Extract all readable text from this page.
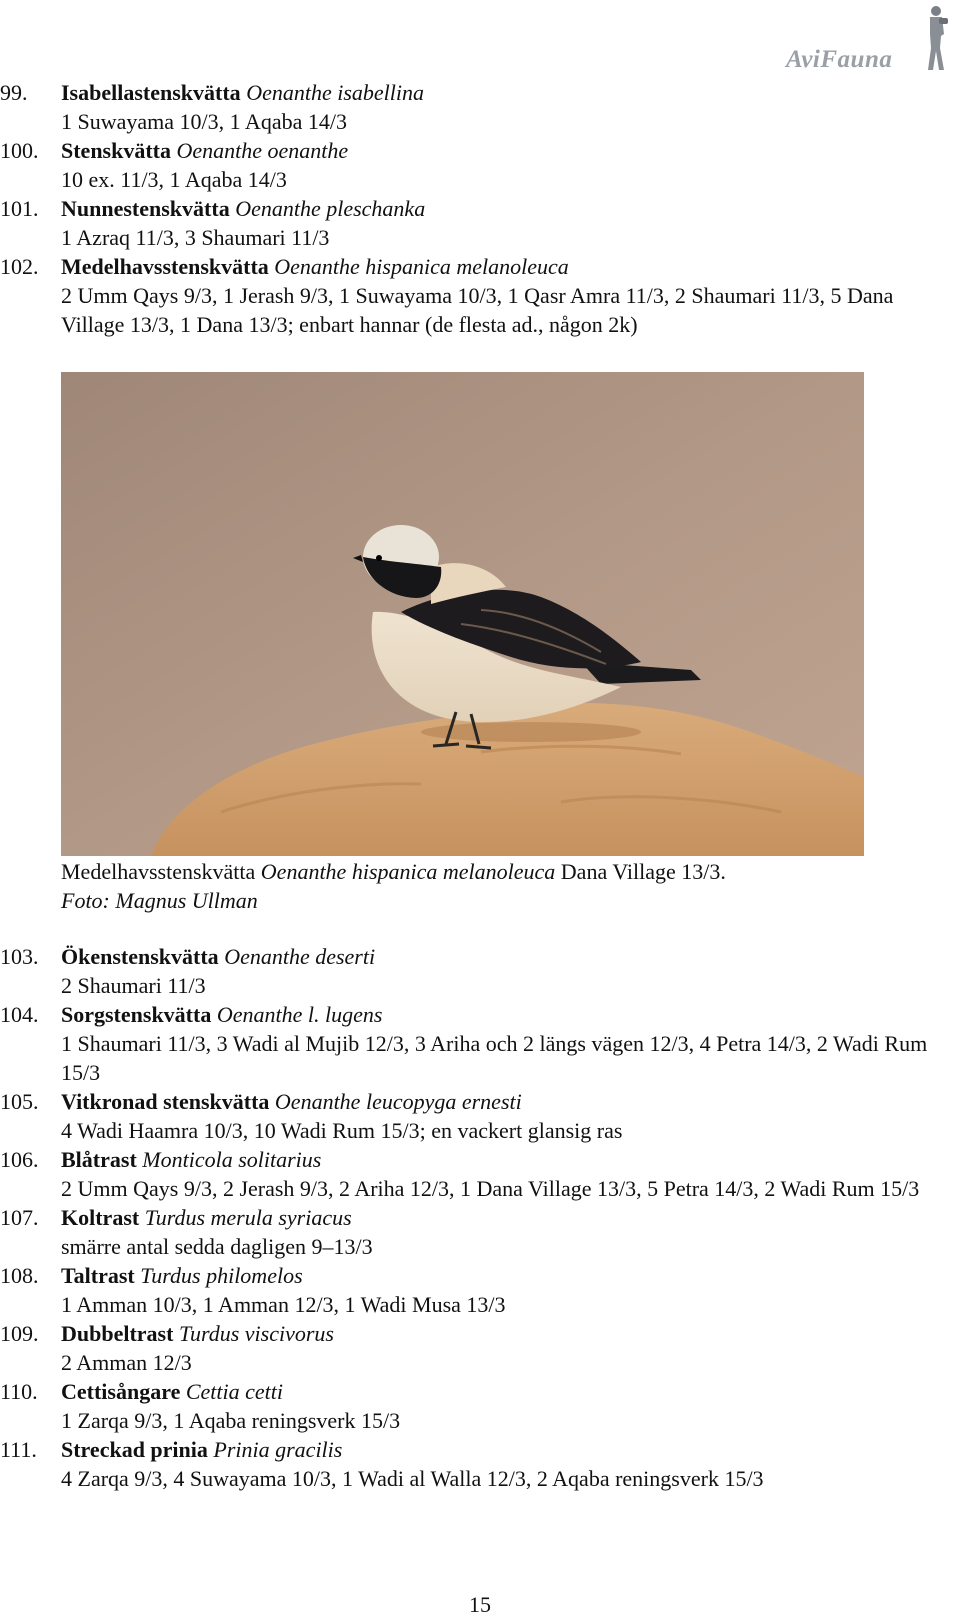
AviFauna
99. Isabellastenskvätta Oenanthe isabellina
1 Suwayama 10/3, 1 Aqaba 14/3
100. Stenskvätta Oenanthe oenanthe
10 ex. 11/3, 1 Aqaba 14/3
101. Nunnestenskvätta Oenanthe pleschanka
1 Azraq 11/3, 3 Shaumari 11/3
102. Medelhavsstenskvätta Oenanthe hispanica melanoleuca
2 Umm Qays 9/3, 1 Jerash 9/3, 1 Suwayama 10/3, 1 Qasr Amra 11/3, 2 Shaumari 11/3, 5 Dana Village 13/3, 1 Dana 13/3; enbart hannar (de flesta ad., någon 2k)
Medelhavsstenskvätta Oenanthe hispanica melanoleuca Dana Village 13/3.
Foto: Magnus Ullman
103. Ökenstenskvätta Oenanthe deserti
2 Shaumari 11/3
104. Sorgstenskvätta Oenanthe l. lugens
1 Shaumari 11/3, 3 Wadi al Mujib 12/3, 3 Ariha och 2 längs vägen 12/3, 4 Petra 14/3, 2 Wadi Rum 15/3
105. Vitkronad stenskvätta Oenanthe leucopyga ernesti
4 Wadi Haamra 10/3, 10 Wadi Rum 15/3; en vackert glansig ras
106. Blåtrast Monticola solitarius
2 Umm Qays 9/3, 2 Jerash 9/3, 2 Ariha 12/3, 1 Dana Village 13/3, 5 Petra 14/3, 2 Wadi Rum 15/3
107. Koltrast Turdus merula syriacus
smärre antal sedda dagligen 9–13/3
108. Taltrast Turdus philomelos
1 Amman 10/3, 1 Amman 12/3, 1 Wadi Musa 13/3
109. Dubbeltrast Turdus viscivorus
2 Amman 12/3
110. Cettisångare Cettia cetti
1 Zarqa 9/3, 1 Aqaba reningsverk 15/3
111. Streckad prinia Prinia gracilis
4 Zarqa 9/3, 4 Suwayama 10/3, 1 Wadi al Walla 12/3, 2 Aqaba reningsverk 15/3
15
